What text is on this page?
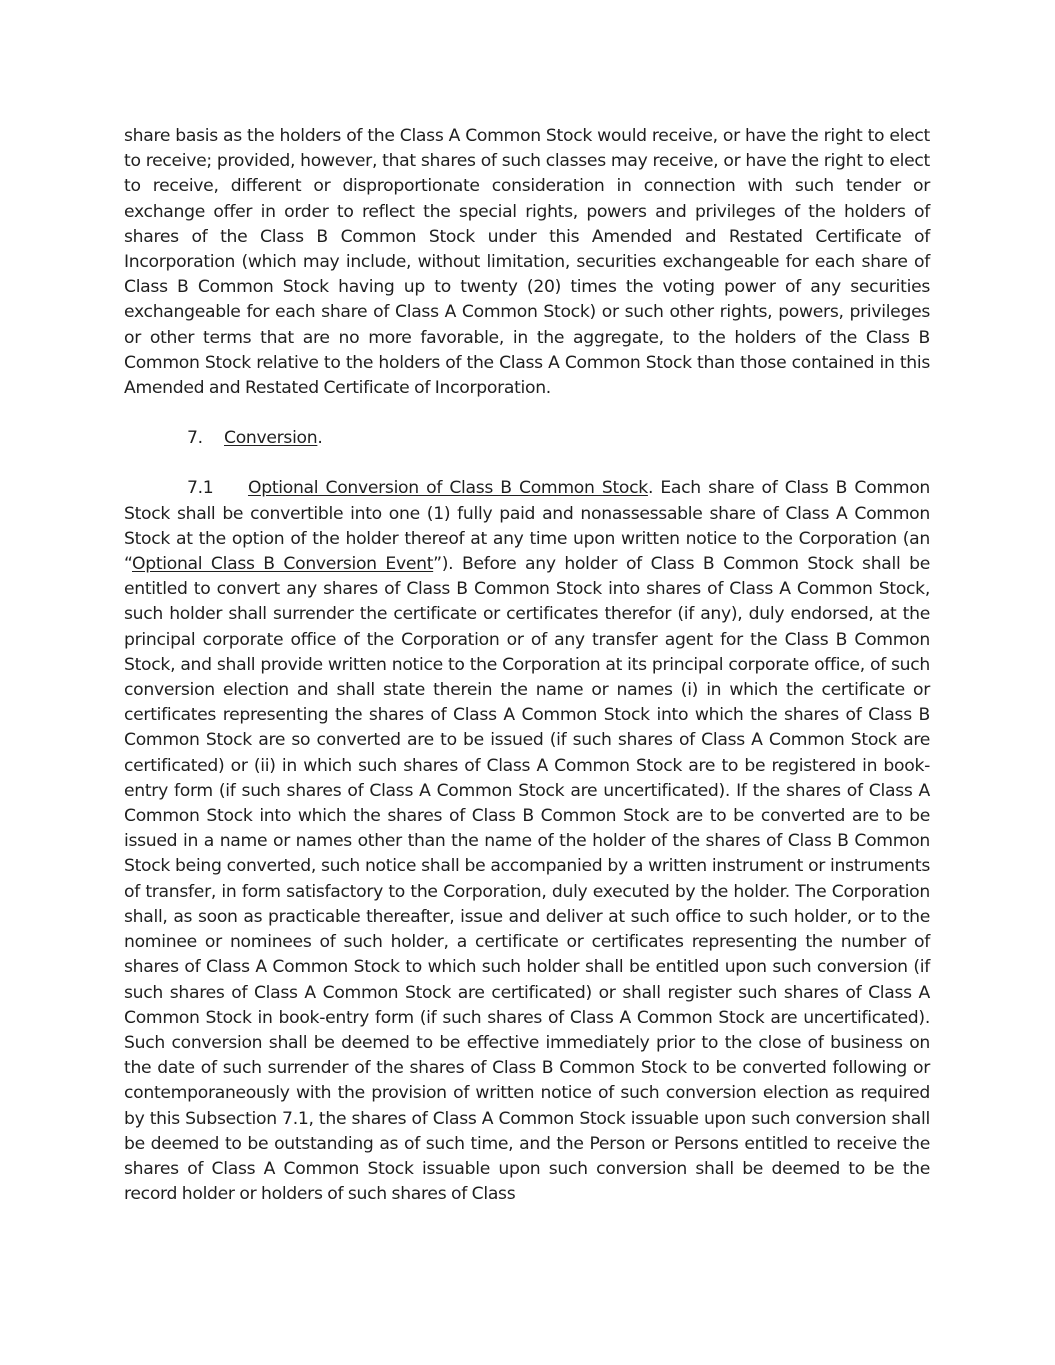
share basis as the holders of the Class A Common Stock would receive, or have the right to elect to receive; provided, however, that shares of such classes may receive, or have the right to elect to receive, different or disproportionate consideration in connection with such tender or exchange offer in order to reflect the special rights, powers and privileges of the holders of shares of the Class B Common Stock under this Amended and Restated Certificate of Incorporation (which may include, without limitation, securities exchangeable for each share of Class B Common Stock having up to twenty (20) times the voting power of any securities exchangeable for each share of Class A Common Stock) or such other rights, powers, privileges or other terms that are no more favorable, in the aggregate, to the holders of the Class B Common Stock relative to the holders of the Class A Common Stock than those contained in this Amended and Restated Certificate of Incorporation.

7. Conversion.

7.1 Optional Conversion of Class B Common Stock. Each share of Class B Common Stock shall be convertible into one (1) fully paid and nonassessable share of Class A Common Stock at the option of the holder thereof at any time upon written notice to the Corporation (an “Optional Class B Conversion Event”). Before any holder of Class B Common Stock shall be entitled to convert any shares of Class B Common Stock into shares of Class A Common Stock, such holder shall surrender the certificate or certificates therefor (if any), duly endorsed, at the principal corporate office of the Corporation or of any transfer agent for the Class B Common Stock, and shall provide written notice to the Corporation at its principal corporate office, of such conversion election and shall state therein the name or names (i) in which the certificate or certificates representing the shares of Class A Common Stock into which the shares of Class B Common Stock are so converted are to be issued (if such shares of Class A Common Stock are certificated) or (ii) in which such shares of Class A Common Stock are to be registered in book- entry form (if such shares of Class A Common Stock are uncertificated). If the shares of Class A Common Stock into which the shares of Class B Common Stock are to be converted are to be issued in a name or names other than the name of the holder of the shares of Class B Common Stock being converted, such notice shall be accompanied by a written instrument or instruments of transfer, in form satisfactory to the Corporation, duly executed by the holder. The Corporation shall, as soon as practicable thereafter, issue and deliver at such office to such holder, or to the nominee or nominees of such holder, a certificate or certificates representing the number of shares of Class A Common Stock to which such holder shall be entitled upon such conversion (if such shares of Class A Common Stock are certificated) or shall register such shares of Class A Common Stock in book-entry form (if such shares of Class A Common Stock are uncertificated). Such conversion shall be deemed to be effective immediately prior to the close of business on the date of such surrender of the shares of Class B Common Stock to be converted following or contemporaneously with the provision of written notice of such conversion election as required by this Subsection 7.1, the shares of Class A Common Stock issuable upon such conversion shall be deemed to be outstanding as of such time, and the Person or Persons entitled to receive the shares of Class A Common Stock issuable upon such conversion shall be deemed to be the record holder or holders of such shares of Class
